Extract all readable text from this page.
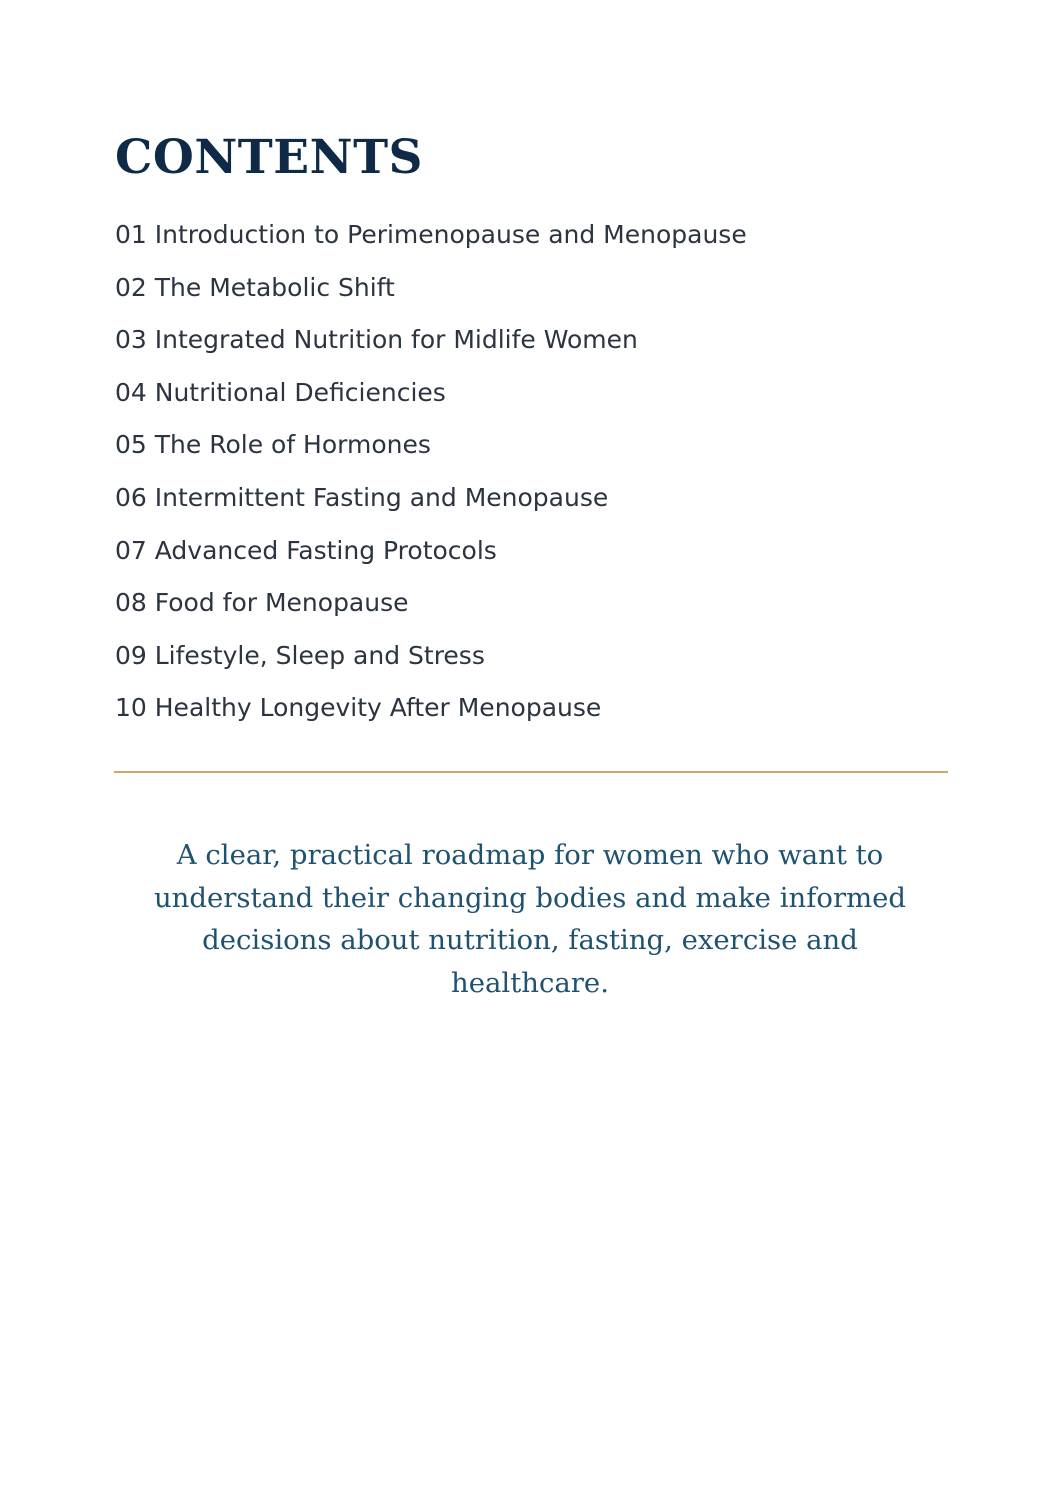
CONTENTS
01 Introduction to Perimenopause and Menopause
02 The Metabolic Shift
03 Integrated Nutrition for Midlife Women
04 Nutritional Deficiencies
05 The Role of Hormones
06 Intermittent Fasting and Menopause
07 Advanced Fasting Protocols
08 Food for Menopause
09 Lifestyle, Sleep and Stress
10 Healthy Longevity After Menopause

A clear, practical roadmap for women who want to understand their changing bodies and make informed decisions about nutrition, fasting, exercise and healthcare.
